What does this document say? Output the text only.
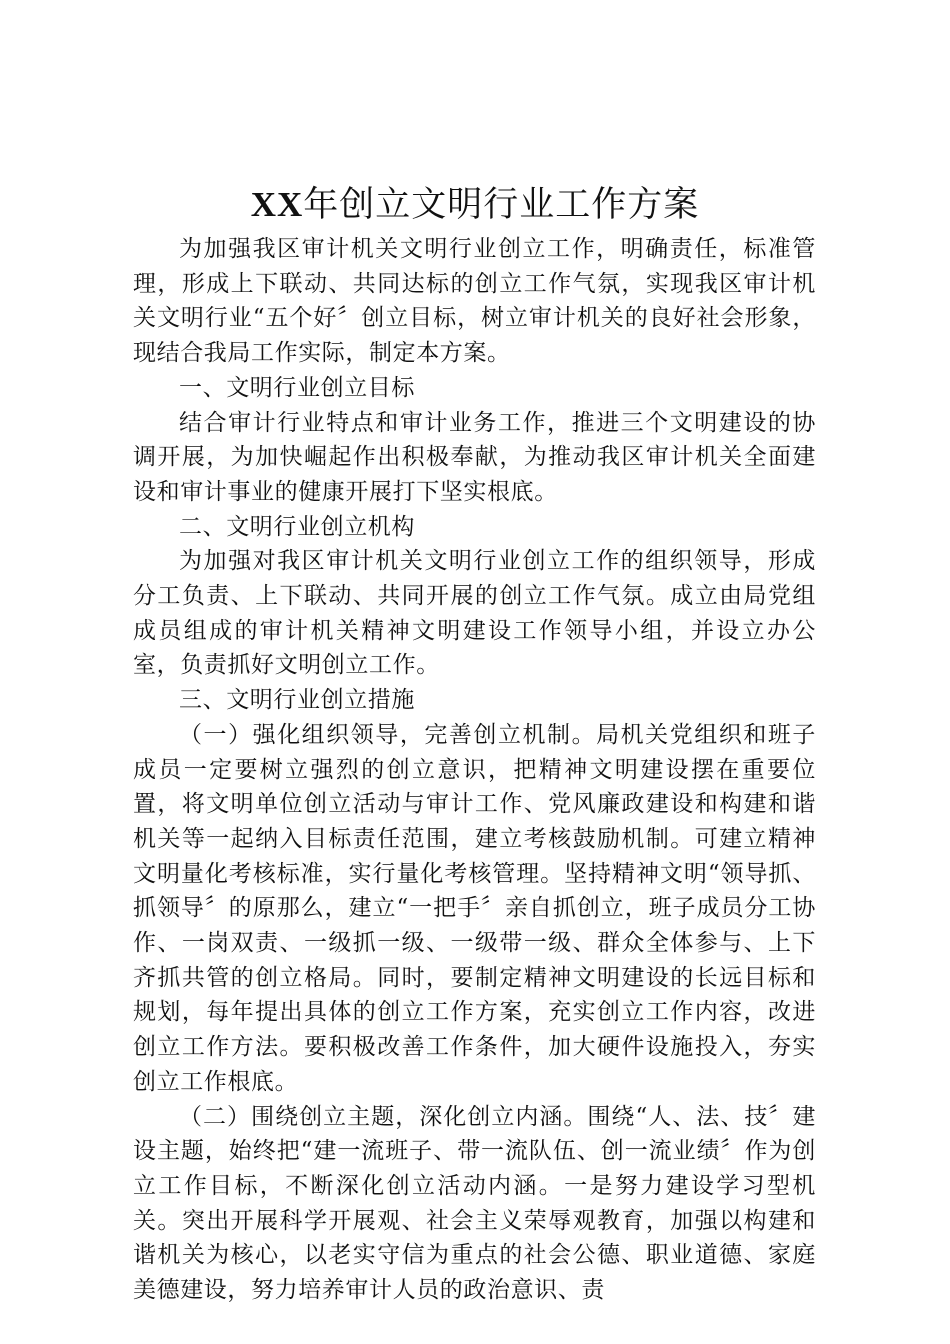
XX年创立文明行业工作方案

为加强我区审计机关文明行业创立工作，明确责任，标准管理，形成上下联动、共同达标的创立工作气氛，实现我区审计机关文明行业“五个好〞创立目标，树立审计机关的良好社会形象，现结合我局工作实际，制定本方案。

一、文明行业创立目标

结合审计行业特点和审计业务工作，推进三个文明建设的协调开展，为加快崛起作出积极奉献，为推动我区审计机关全面建设和审计事业的健康开展打下坚实根底。

二、文明行业创立机构

为加强对我区审计机关文明行业创立工作的组织领导，形成分工负责、上下联动、共同开展的创立工作气氛。成立由局党组成员组成的审计机关精神文明建设工作领导小组，并设立办公室，负责抓好文明创立工作。

三、文明行业创立措施

（一）强化组织领导，完善创立机制。局机关党组织和班子成员一定要树立强烈的创立意识，把精神文明建设摆在重要位置，将文明单位创立活动与审计工作、党风廉政建设和构建和谐机关等一起纳入目标责任范围，建立考核鼓励机制。可建立精神文明量化考核标准，实行量化考核管理。坚持精神文明“领导抓、抓领导〞的原那么，建立“一把手〞亲自抓创立，班子成员分工协作、一岗双责、一级抓一级、一级带一级、群众全体参与、上下齐抓共管的创立格局。同时，要制定精神文明建设的长远目标和规划，每年提出具体的创立工作方案，充实创立工作内容，改进创立工作方法。要积极改善工作条件，加大硬件设施投入，夯实创立工作根底。

（二）围绕创立主题，深化创立内涵。围绕“人、法、技〞建设主题，始终把“建一流班子、带一流队伍、创一流业绩〞作为创立工作目标，不断深化创立活动内涵。一是努力建设学习型机关。突出开展科学开展观、社会主义荣辱观教育，加强以构建和谐机关为核心，以老实守信为重点的社会公德、职业道德、家庭美德建设，努力培养审计人员的政治意识、责
